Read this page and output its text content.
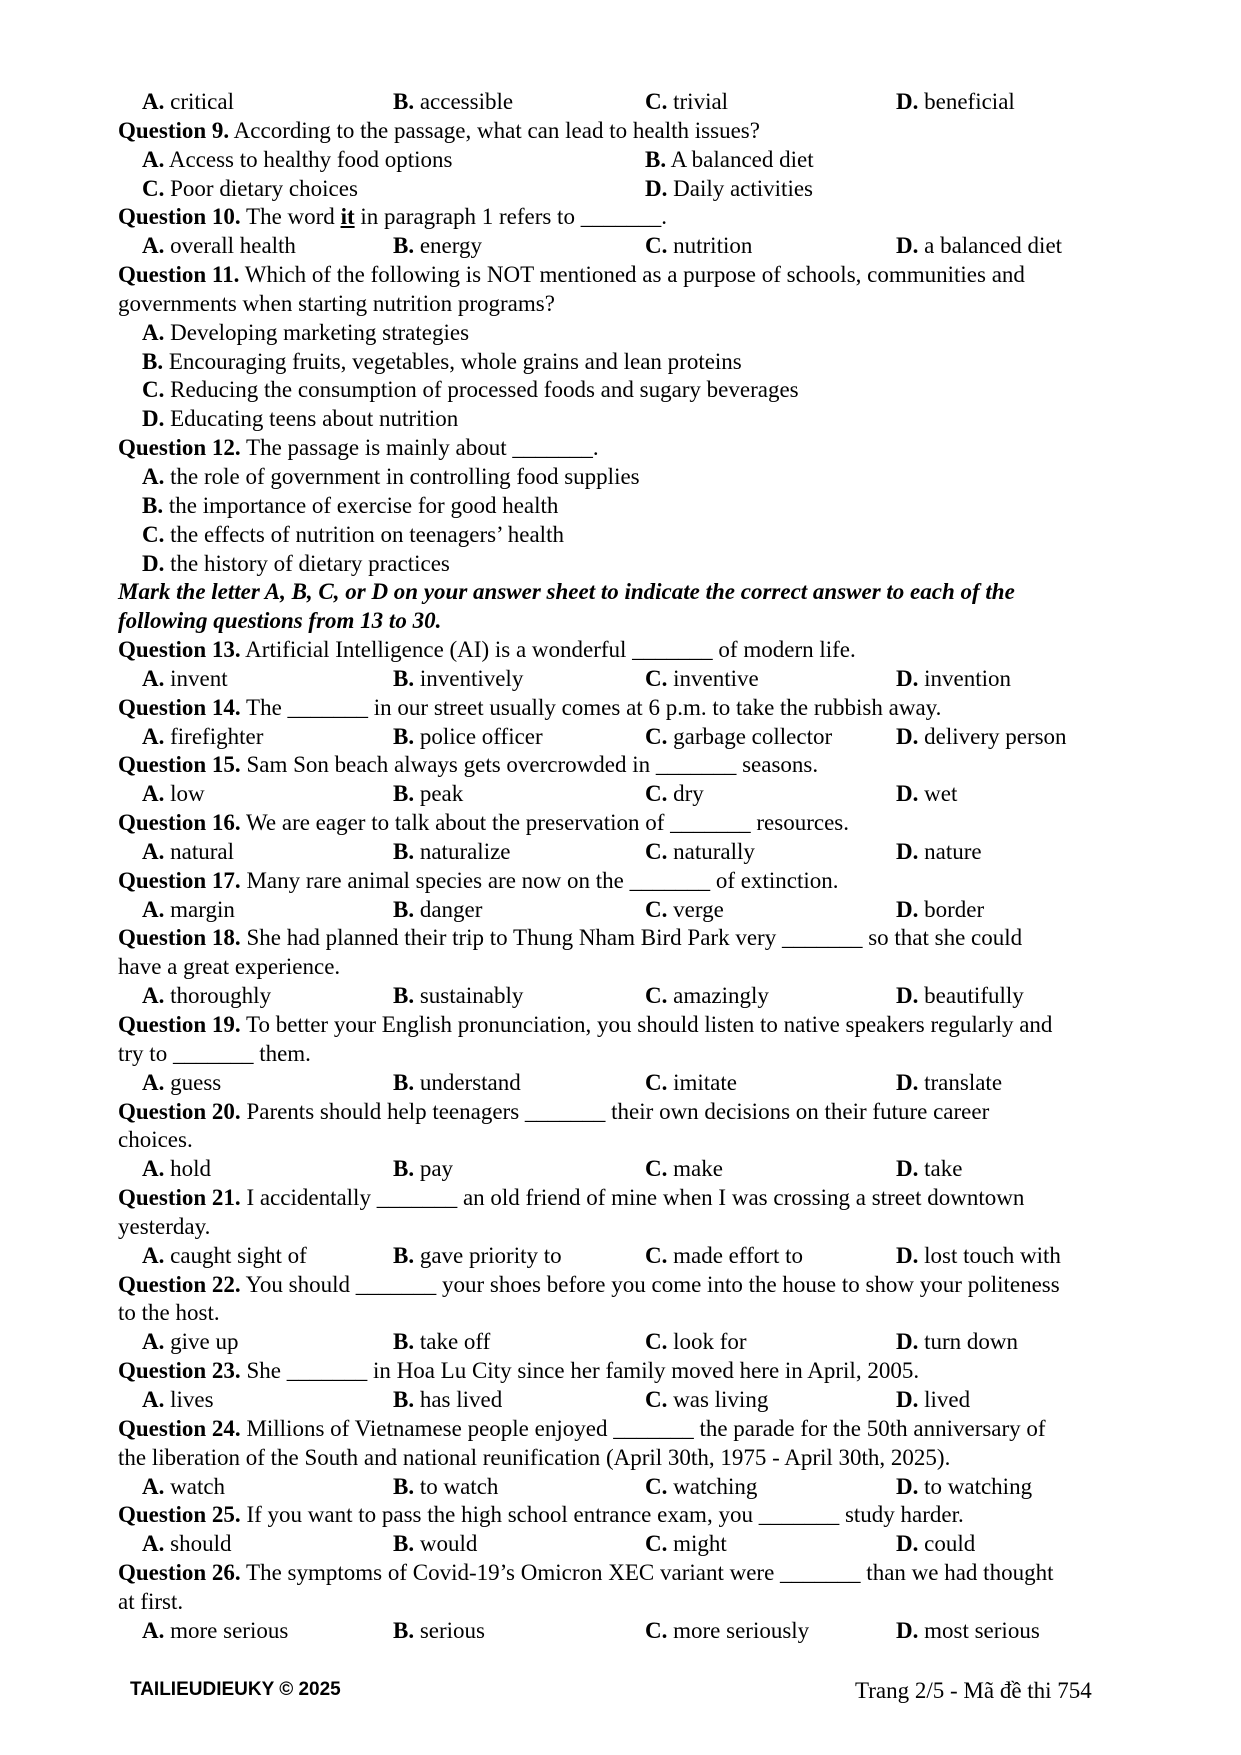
A. critical	B. accessible	C. trivial	D. beneficial
Question 9. According to the passage, what can lead to health issues?
A. Access to healthy food options	B. A balanced diet
C. Poor dietary choices	D. Daily activities
Question 10. The word it in paragraph 1 refers to _______.
A. overall health	B. energy	C. nutrition	D. a balanced diet
Question 11. Which of the following is NOT mentioned as a purpose of schools, communities and
governments when starting nutrition programs?
A. Developing marketing strategies
B. Encouraging fruits, vegetables, whole grains and lean proteins
C. Reducing the consumption of processed foods and sugary beverages
D. Educating teens about nutrition
Question 12. The passage is mainly about _______.
A. the role of government in controlling food supplies
B. the importance of exercise for good health
C. the effects of nutrition on teenagers’ health
D. the history of dietary practices
Mark the letter A, B, C, or D on your answer sheet to indicate the correct answer to each of the
following questions from 13 to 30.
Question 13. Artificial Intelligence (AI) is a wonderful _______ of modern life.
A. invent	B. inventively	C. inventive	D. invention
Question 14. The _______ in our street usually comes at 6 p.m. to take the rubbish away.
A. firefighter	B. police officer	C. garbage collector	D. delivery person
Question 15. Sam Son beach always gets overcrowded in _______ seasons.
A. low	B. peak	C. dry	D. wet
Question 16. We are eager to talk about the preservation of _______ resources.
A. natural	B. naturalize	C. naturally	D. nature
Question 17. Many rare animal species are now on the _______ of extinction.
A. margin	B. danger	C. verge	D. border
Question 18. She had planned their trip to Thung Nham Bird Park very _______ so that she could
have a great experience.
A. thoroughly	B. sustainably	C. amazingly	D. beautifully
Question 19. To better your English pronunciation, you should listen to native speakers regularly and
try to _______ them.
A. guess	B. understand	C. imitate	D. translate
Question 20. Parents should help teenagers _______ their own decisions on their future career
choices.
A. hold	B. pay	C. make	D. take
Question 21. I accidentally _______ an old friend of mine when I was crossing a street downtown
yesterday.
A. caught sight of	B. gave priority to	C. made effort to	D. lost touch with
Question 22. You should _______ your shoes before you come into the house to show your politeness
to the host.
A. give up	B. take off	C. look for	D. turn down
Question 23. She _______ in Hoa Lu City since her family moved here in April, 2005.
A. lives	B. has lived	C. was living	D. lived
Question 24. Millions of Vietnamese people enjoyed _______ the parade for the 50th anniversary of
the liberation of the South and national reunification (April 30th, 1975 - April 30th, 2025).
A. watch	B. to watch	C. watching	D. to watching
Question 25. If you want to pass the high school entrance exam, you _______ study harder.
A. should	B. would	C. might	D. could
Question 26. The symptoms of Covid-19’s Omicron XEC variant were _______ than we had thought
at first.
A. more serious	B. serious	C. more seriously	D. most serious
TAILIEUDIEUKY © 2025	Trang 2/5 - Mã đề thi 754
